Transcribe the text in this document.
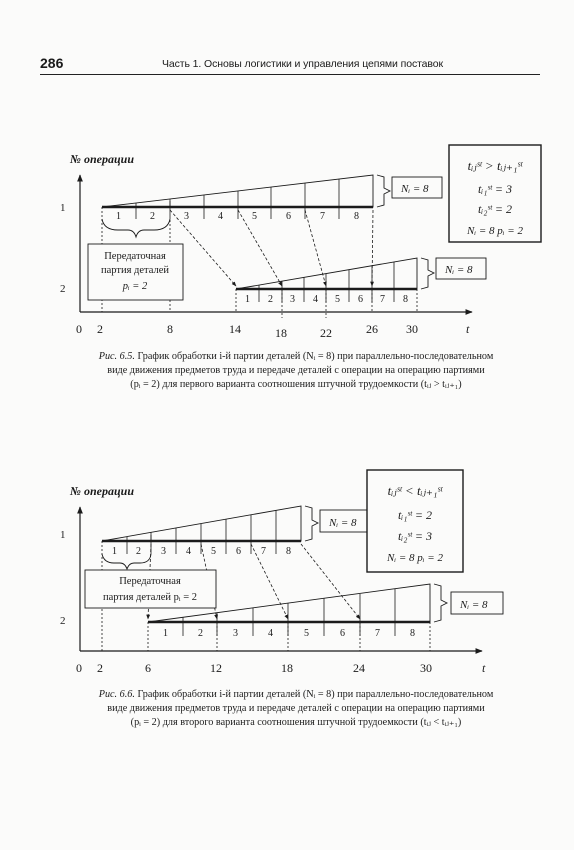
286	Часть 1. Основы логистики и управления цепями поставок
№ операции
1
2
0 2	8	14	18	22	26 30	t
1	2	3	4	5	6	7	8
Nᵢ = 8
1 2 3 4 5 6 7 8
Nᵢ = 8
Передаточная
партия деталей
pᵢ = 2
tᵢⱼˢᵗ > tᵢⱼ₊₁ˢᵗ
tᵢ₁ˢᵗ = 3
tᵢ₂ˢᵗ = 2
Nᵢ = 8 pᵢ = 2
№ операции
1
2
0 2	6	12	18	24	30	t
1 2 3 4 5 6 7 8
Nᵢ = 8
1	2	3	4	5	6	7	8
Nᵢ = 8
Передаточная
партия деталей pᵢ = 2
tᵢⱼˢᵗ < tᵢⱼ₊₁ˢᵗ
tᵢ₁ˢᵗ = 2
tᵢ₂ˢᵗ = 3
Nᵢ = 8 pᵢ = 2
Рис. 6.5. График обработки i-й партии деталей (Nᵢ = 8) при параллельно-последовательном
виде движения предметов труда и передаче деталей с операции на операцию партиями
(pᵢ = 2) для первого варианта соотношения штучной трудоемкости (tᵢⱼ > tᵢⱼ₊₁)
Рис. 6.6. График обработки i-й партии деталей (Nᵢ = 8) при параллельно-последовательном
виде движения предметов труда и передаче деталей с операции на операцию партиями
(pᵢ = 2) для второго варианта соотношения штучной трудоемкости (tᵢⱼ < tᵢⱼ₊₁)
